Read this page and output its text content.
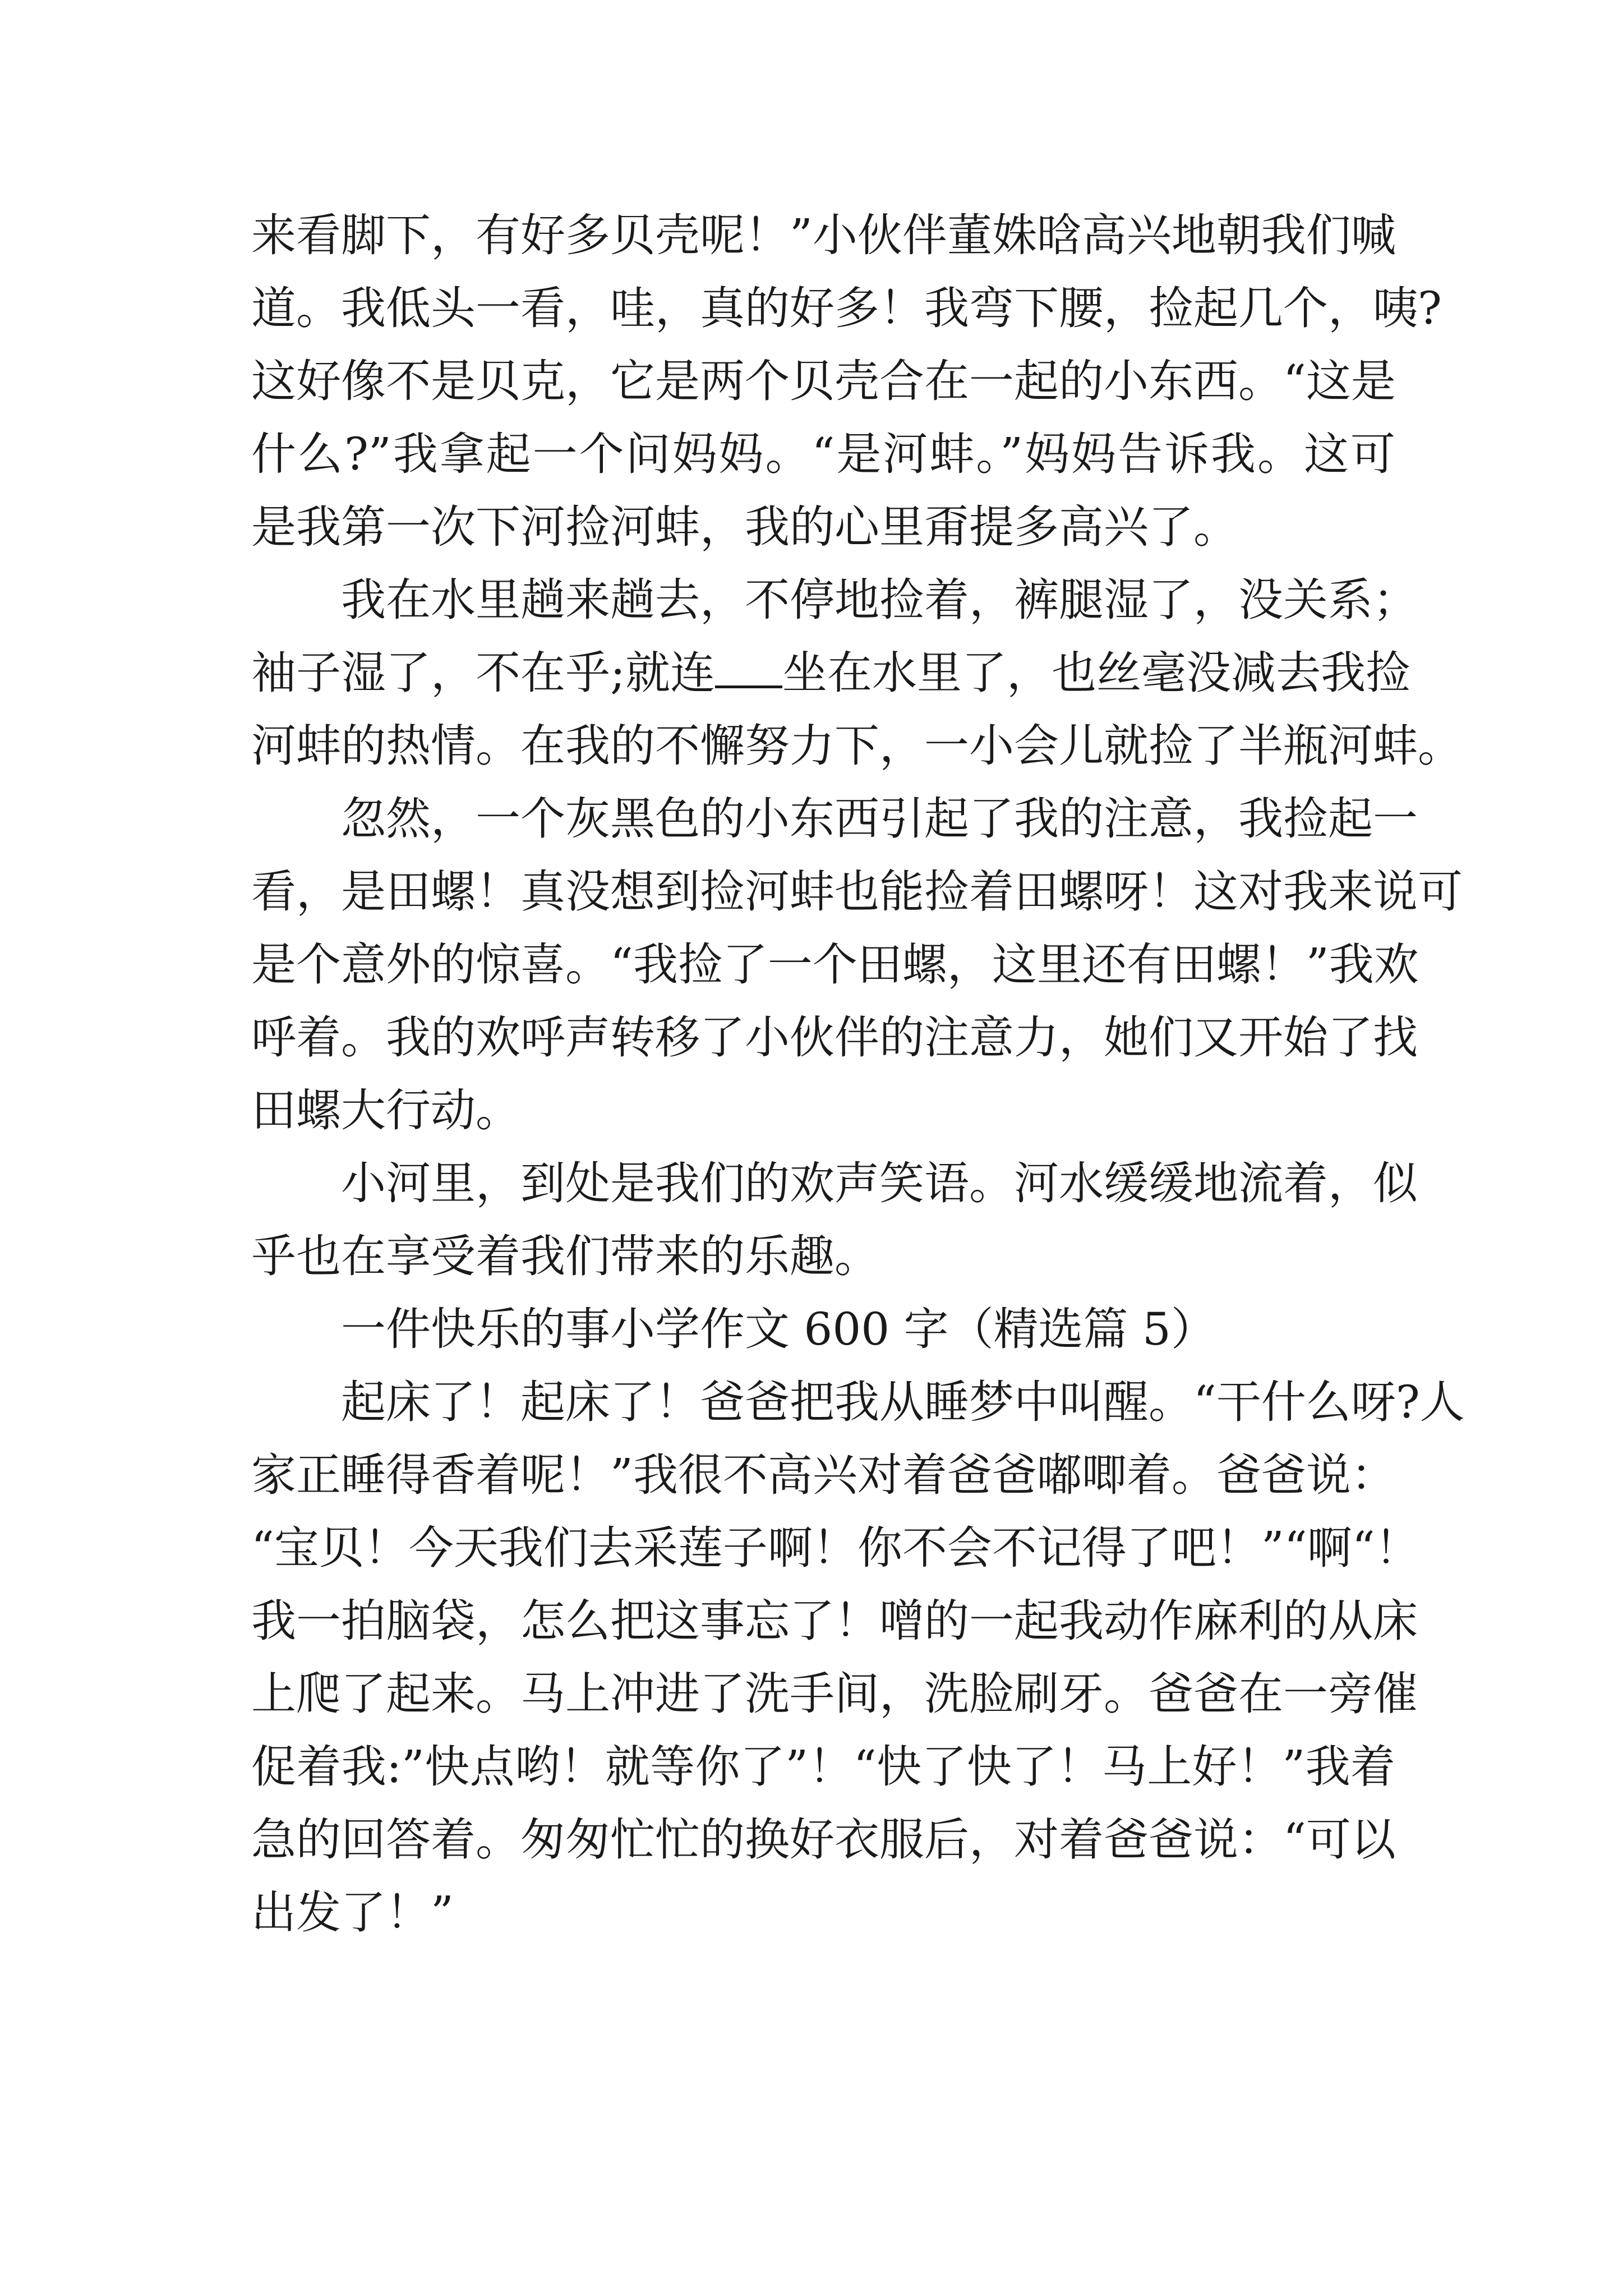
来看脚下，有好多贝壳呢！”小伙伴董姝晗高兴地朝我们喊
道。我低头一看，哇，真的好多！我弯下腰，捡起几个，咦?
这好像不是贝克，它是两个贝壳合在一起的小东西。“这是
什么?”我拿起一个问妈妈。“是河蚌。”妈妈告诉我。这可
是我第一次下河捡河蚌，我的心里甭提多高兴了。
我在水里趟来趟去，不停地捡着，裤腿湿了，没关系；
袖子湿了，不在乎;就连 坐在水里了，也丝毫没减去我捡
河蚌的热情。在我的不懈努力下，一小会儿就捡了半瓶河蚌。
忽然，一个灰黑色的小东西引起了我的注意，我捡起一
看，是田螺！真没想到捡河蚌也能捡着田螺呀！这对我来说可
是个意外的惊喜。“我捡了一个田螺，这里还有田螺！”我欢
呼着。我的欢呼声转移了小伙伴的注意力，她们又开始了找
田螺大行动。
小河里，到处是我们的欢声笑语。河水缓缓地流着，似
乎也在享受着我们带来的乐趣。
一件快乐的事小学作文 600 字（精选篇 5）
起床了！起床了！爸爸把我从睡梦中叫醒。“干什么呀?人
家正睡得香着呢！”我很不高兴对着爸爸嘟唧着。爸爸说：
“宝贝！今天我们去采莲子啊！你不会不记得了吧！”“啊“！
我一拍脑袋，怎么把这事忘了！噌的一起我动作麻利的从床
上爬了起来。马上冲进了洗手间，洗脸刷牙。爸爸在一旁催
促着我:”快点哟！就等你了”！“快了快了！马上好！”我着
急的回答着。匆匆忙忙的换好衣服后，对着爸爸说：“可以
出发了！”
